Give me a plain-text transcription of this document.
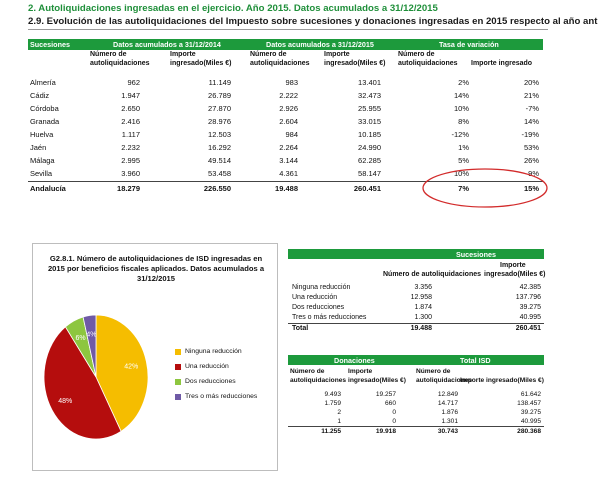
2. Autoliquidaciones ingresadas en el ejercicio. Año 2015. Datos acumulados a 31/12/2015
2.9. Evolución de las autoliquidaciones del Impuesto sobre sucesiones y donaciones ingresadas en 2015 respecto al año ant
Sucesiones	Datos acumulados a 31/12/2014	Datos acumulados a 31/12/2015	Tasa de variación
Número de autoliquidaciones
Importe ingresado(Miles €)
Número de autoliquidaciones
Importe ingresado(Miles €)
Número de autoliquidaciones	Importe ingresado
Almería	962	11.149	983	13.401	2%	20%
Cádiz	1.947	26.789	2.222	32.473	14%	21%
Córdoba	2.650	27.870	2.926	25.955	10%	-7%
Granada	2.416	28.976	2.604	33.015	8%	14%
Huelva	1.117	12.503	984	10.185	-12%	-19%
Jaén	2.232	16.292	2.264	24.990	1%	53%
Málaga	2.995	49.514	3.144	62.285	5%	26%
Sevilla	3.960	53.458	4.361	58.147	10%	9%
Andalucía	18.279	226.550	19.488	260.451	7%	15%
G2.8.1. Número de autoliquidaciones de ISD ingresadas en 2015 por beneficios fiscales aplicados. Datos acumulados a 31/12/2015
42%
48%
6%
4%
Ninguna reducción
Una reducción
Dos reducciones
Tres o más reducciones
Sucesiones
Importe
Número de autoliquidaciones ingresado(Miles €)
Ninguna reducción	3.356	42.385
Una reducción	12.958	137.796
Dos reducciones	1.874	39.275
Tres o más reducciones	1.300	40.995
Total	19.488	260.451
Donaciones	Total ISD
Número de
autoliquidaciones
Importe
ingresado(Miles €)
Número de
autoliquidaciones
Importe ingresado(Miles €)
9.493	19.257	12.849	61.642
1.759	660	14.717	138.457
2	0	1.876	39.275
1	0	1.301	40.995
11.255	19.918	30.743	280.368
